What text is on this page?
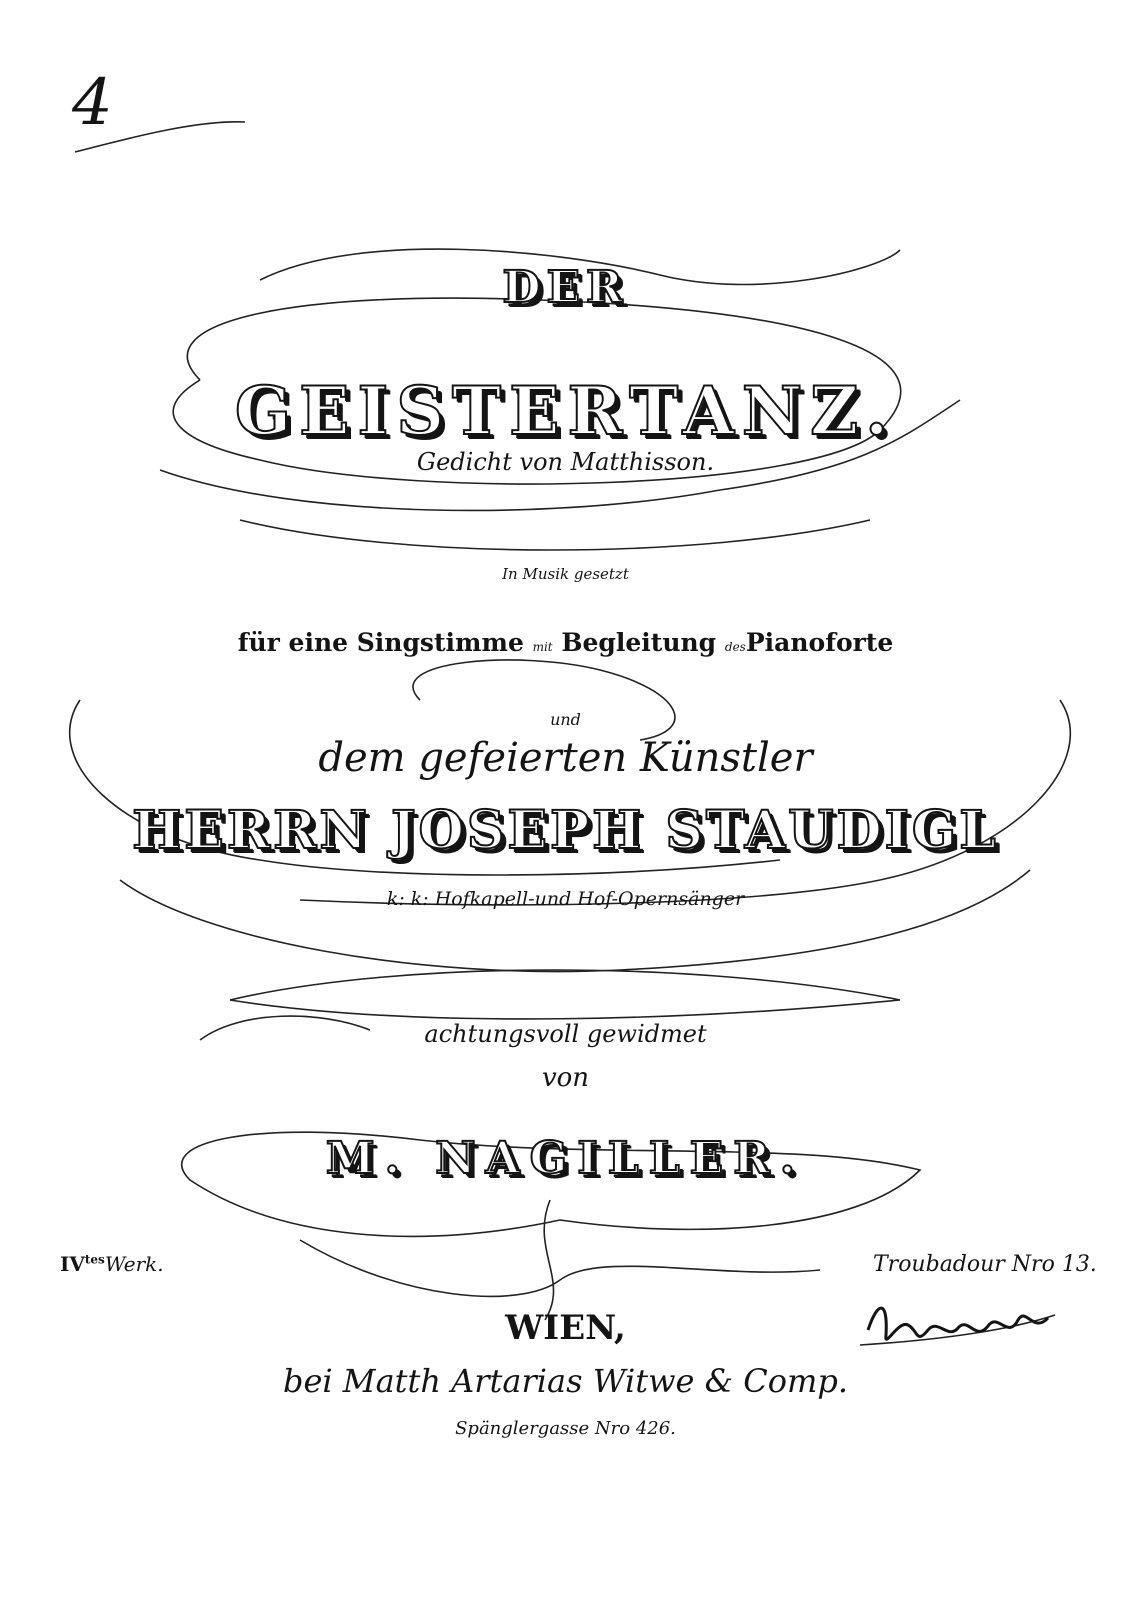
4
DER
GEISTERTANZ.
Gedicht von Matthisson.
In Musik gesetzt
für eine Singstimme mit Begleitung desPianoforte
und
dem gefeierten Künstler
HERRN JOSEPH STAUDIGL
k: k: Hofkapell-und Hof-Opernsänger
achtungsvoll gewidmet
von
M. NAGILLER.
$IV^{tes}Werk$.	Troubadour Nro 13.
WIEN,
bei Matth Artarias Witwe & Comp.
Spänglergasse Nro 426.
